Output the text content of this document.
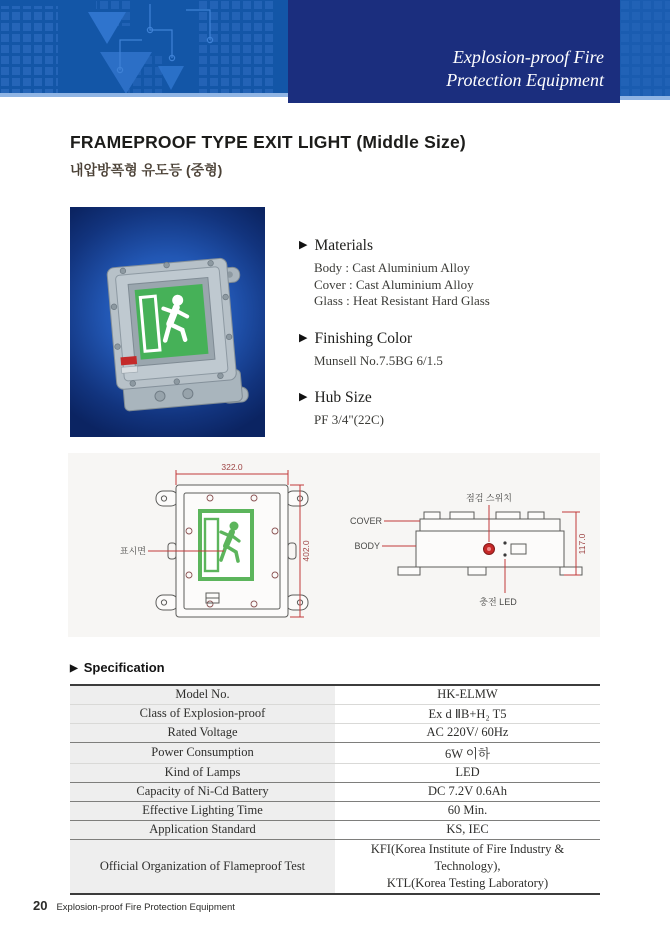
Explosion-proof Fire
Protection Equipment
FRAMEPROOF TYPE EXIT LIGHT (Middle Size)
내압방폭형 유도등 (중형)
▶ Materials
Body : Cast Aluminium Alloy
Cover : Cast Aluminium Alloy
Glass : Heat Resistant Hard Glass
▶ Finishing Color
Munsell No.7.5BG 6/1.5
▶ Hub Size
PF 3/4"(22C)
322.0
402.0
표시면
COVER
BODY
점검 스위치
충전 LED
117.0
▶ Specification
Model No.	HK-ELMW
Class of Explosion-proof	Ex d ⅡB+H₂ T5
Rated Voltage	AC 220V/ 60Hz
Power Consumption	6W 이하
Kind of Lamps	LED
Capacity of Ni-Cd Battery	DC 7.2V 0.6Ah
Effective Lighting Time	60 Min.
Application Standard	KS, IEC
Official Organization of Flameproof Test	KFI(Korea Institute of Fire Industry & Technology),
KTL(Korea Testing Laboratory)
20 Explosion-proof Fire Protection Equipment
